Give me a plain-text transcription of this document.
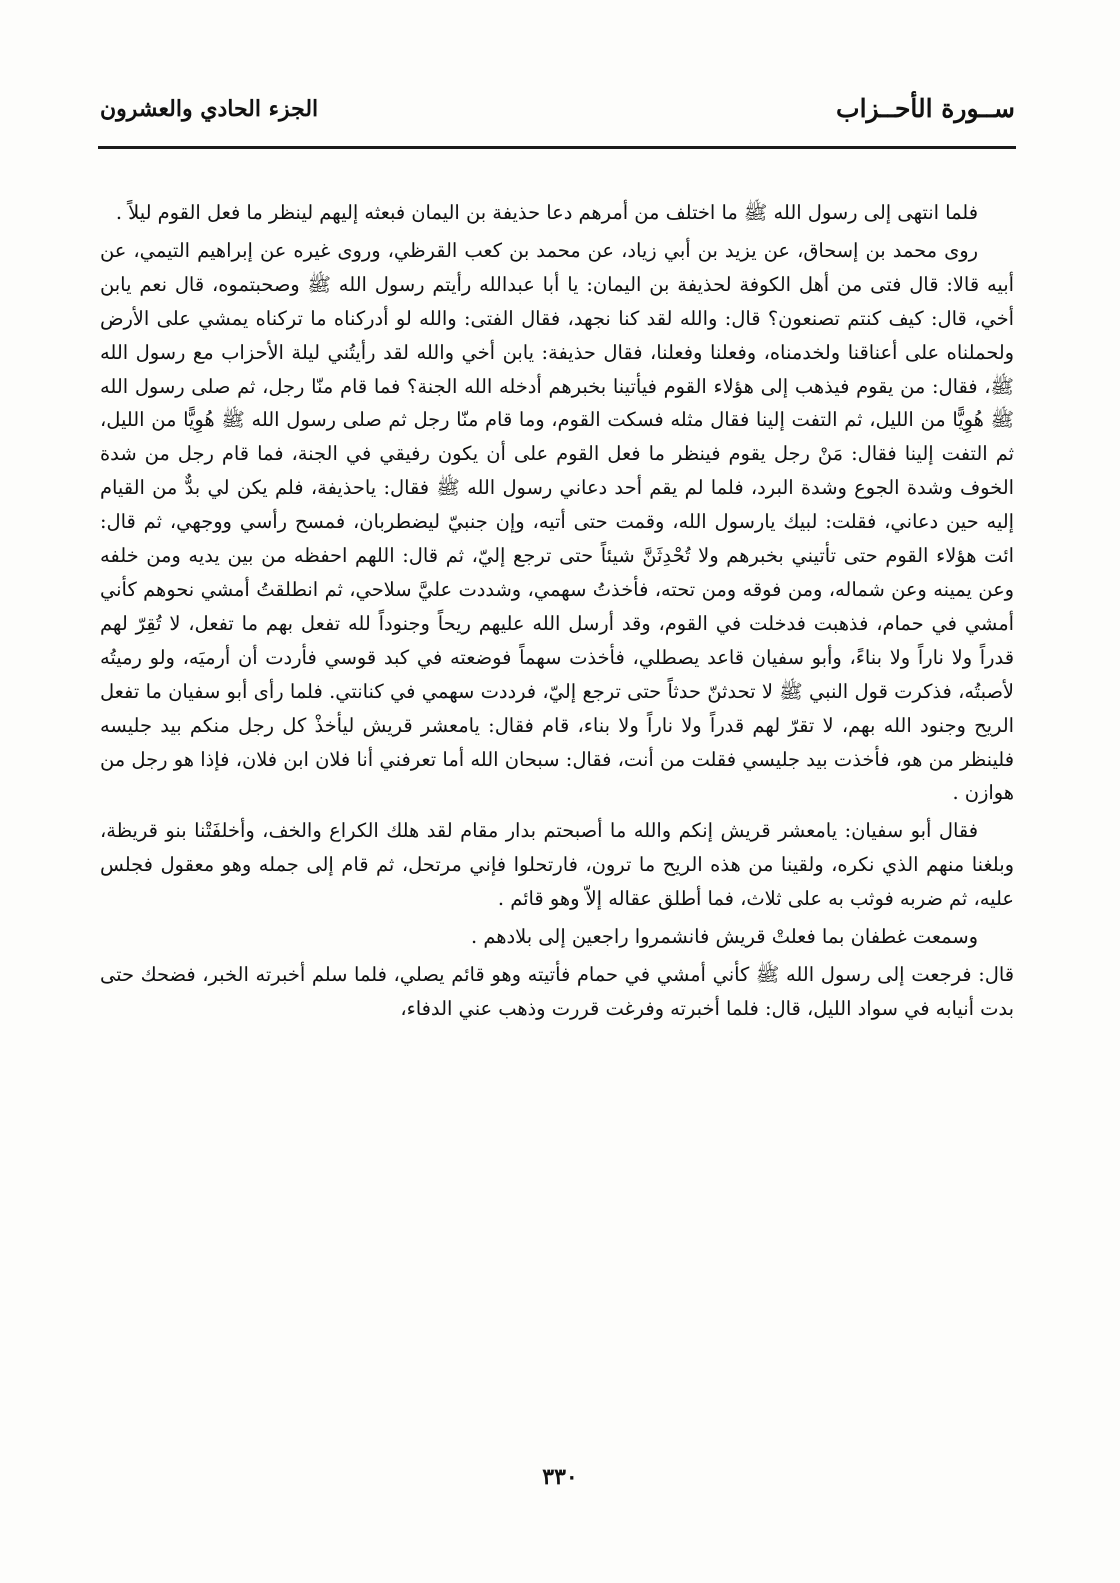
ســورة الأحــزاب
الجزء الحادي والعشرون

فلما انتهى إلى رسول الله ﷺ ما اختلف من أمرهم دعا حذيفة بن اليمان فبعثه إليهم لينظر ما فعل القوم ليلاً .

روى محمد بن إسحاق، عن يزيد بن أبي زياد، عن محمد بن كعب القرظي، وروى غيره عن إبراهيم التيمي، عن أبيه قالا: قال فتى من أهل الكوفة لحذيفة بن اليمان: يا أبا عبدالله رأيتم رسول الله ﷺ وصحبتموه، قال نعم يابن أخي، قال: كيف كنتم تصنعون؟ قال: والله لقد كنا نجهد، فقال الفتى: والله لو أدركناه ما تركناه يمشي على الأرض ولحملناه على أعناقنا ولخدمناه، وفعلنا وفعلنا، فقال حذيفة: يابن أخي والله لقد رأيتُني ليلة الأحزاب مع رسول الله ﷺ، فقال: من يقوم فيذهب إلى هؤلاء القوم فيأتينا بخبرهم أدخله الله الجنة؟ فما قام منّا رجل، ثم صلى رسول الله ﷺ هُوِيًّا من الليل، ثم التفت إلينا فقال مثله فسكت القوم، وما قام منّا رجل ثم صلى رسول الله ﷺ هُوِيًّا من الليل، ثم التفت إلينا فقال: مَنْ رجل يقوم فينظر ما فعل القوم على أن يكون رفيقي في الجنة، فما قام رجل من شدة الخوف وشدة الجوع وشدة البرد، فلما لم يقم أحد دعاني رسول الله ﷺ فقال: ياحذيفة، فلم يكن لي بدٌّ من القيام إليه حين دعاني، فقلت: لبيك يارسول الله، وقمت حتى أتيه، وإن جنبيّ ليضطربان، فمسح رأسي ووجهي، ثم قال: ائت هؤلاء القوم حتى تأتيني بخبرهم ولا تُحْدِثَنَّ شيئاً حتى ترجع إليّ، ثم قال: اللهم احفظه من بين يديه ومن خلفه وعن يمينه وعن شماله، ومن فوقه ومن تحته، فأخذتُ سهمي، وشددت عليَّ سلاحي، ثم انطلقتُ أمشي نحوهم كأني أمشي في حمام، فذهبت فدخلت في القوم، وقد أرسل الله عليهم ريحاً وجنوداً لله تفعل بهم ما تفعل، لا تُقِرّ لهم قدراً ولا ناراً ولا بناءً، وأبو سفيان قاعد يصطلي، فأخذت سهماً فوضعته في كبد قوسي فأردت أن أرميَه، ولو رميتُه لأصبتُه، فذكرت قول النبي ﷺ لا تحدثنّ حدثاً حتى ترجع إليّ، فرددت سهمي في كنانتي. فلما رأى أبو سفيان ما تفعل الريح وجنود الله بهم، لا تقرّ لهم قدراً ولا ناراً ولا بناء، قام فقال: يامعشر قريش ليأخذْ كل رجل منكم بيد جليسه فلينظر من هو، فأخذت بيد جليسي فقلت من أنت، فقال: سبحان الله أما تعرفني أنا فلان ابن فلان، فإذا هو رجل من هوازن .

فقال أبو سفيان: يامعشر قريش إنكم والله ما أصبحتم بدار مقام لقد هلك الكراع والخف، وأخلفَتْنا بنو قريظة، وبلغنا منهم الذي نكره، ولقينا من هذه الريح ما ترون، فارتحلوا فإني مرتحل، ثم قام إلى جمله وهو معقول فجلس عليه، ثم ضربه فوثب به على ثلاث، فما أطلق عقاله إلاّ وهو قائم .

وسمعت غطفان بما فعلتْ قريش فانشمروا راجعين إلى بلادهم .

قال: فرجعت إلى رسول الله ﷺ كأني أمشي في حمام فأتيته وهو قائم يصلي، فلما سلم أخبرته الخبر، فضحك حتى بدت أنيابه في سواد الليل، قال: فلما أخبرته وفرغت قررت وذهب عني الدفاء،

٣٣٠
